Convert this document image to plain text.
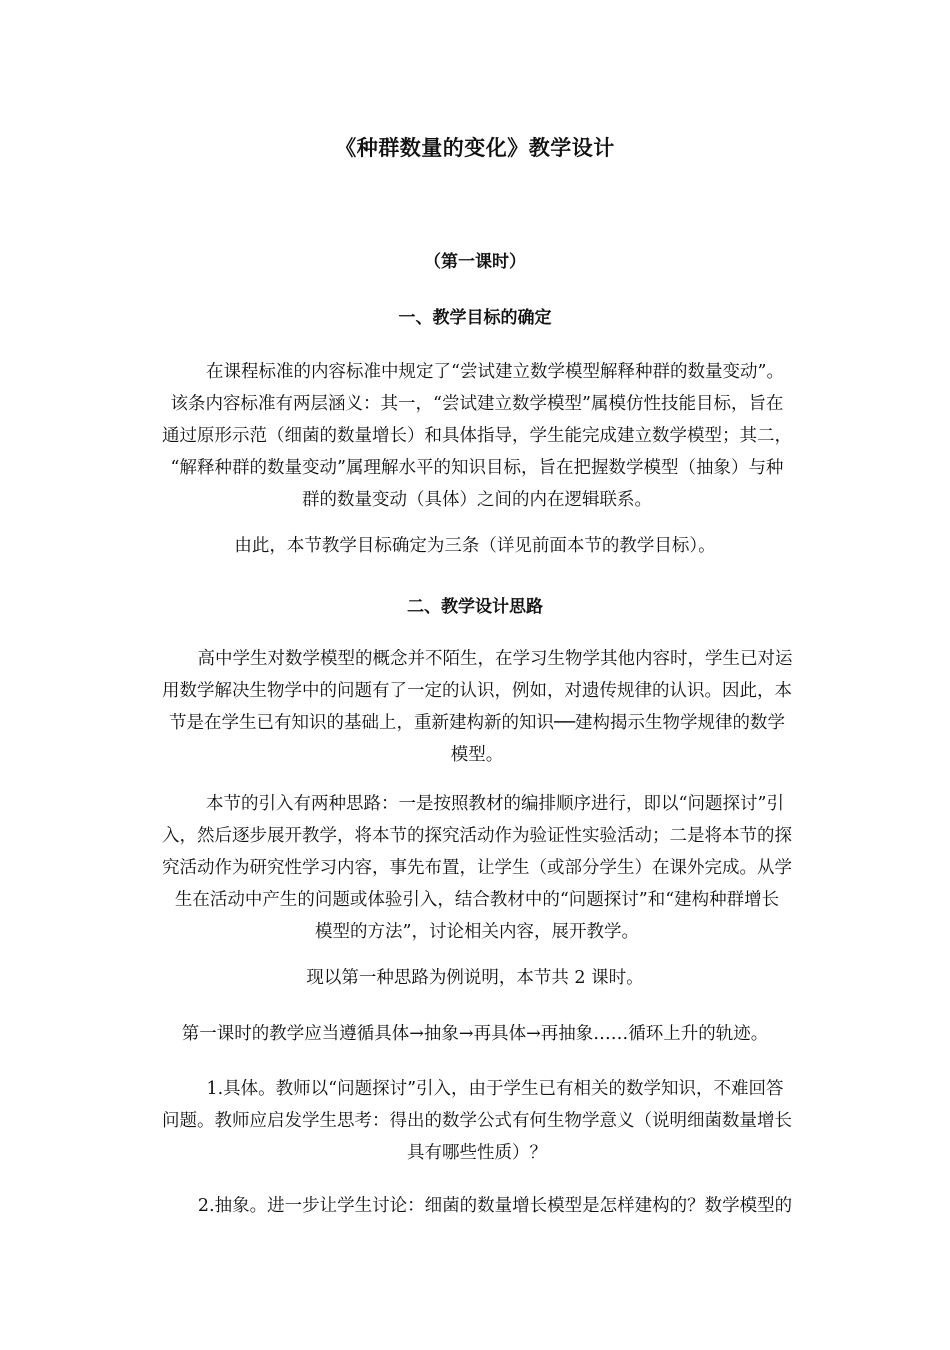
《种群数量的变化》教学设计
（第一课时）
一、教学目标的确定
在课程标准的内容标准中规定了“尝试建立数学模型解释种群的数量变动”。
该条内容标准有两层涵义：其一，“尝试建立数学模型”属模仿性技能目标，旨在
通过原形示范（细菌的数量增长）和具体指导，学生能完成建立数学模型；其二，
“解释种群的数量变动”属理解水平的知识目标，旨在把握数学模型（抽象）与种
群的数量变动（具体）之间的内在逻辑联系。
由此，本节教学目标确定为三条（详见前面本节的教学目标）。
二、教学设计思路
高中学生对数学模型的概念并不陌生，在学习生物学其他内容时，学生已对运
用数学解决生物学中的问题有了一定的认识，例如，对遗传规律的认识。因此，本
节是在学生已有知识的基础上，重新建构新的知识──建构揭示生物学规律的数学
模型。
本节的引入有两种思路：一是按照教材的编排顺序进行，即以“问题探讨”引
入，然后逐步展开教学，将本节的探究活动作为验证性实验活动；二是将本节的探
究活动作为研究性学习内容，事先布置，让学生（或部分学生）在课外完成。从学
生在活动中产生的问题或体验引入，结合教材中的“问题探讨”和“建构种群增长
模型的方法”，讨论相关内容，展开教学。
现以第一种思路为例说明，本节共 2 课时。
第一课时的教学应当遵循具体→抽象→再具体→再抽象……循环上升的轨迹。
1.具体。教师以“问题探讨”引入，由于学生已有相关的数学知识，不难回答
问题。教师应启发学生思考：得出的数学公式有何生物学意义（说明细菌数量增长
具有哪些性质）？
2.抽象。进一步让学生讨论：细菌的数量增长模型是怎样建构的？数学模型的
